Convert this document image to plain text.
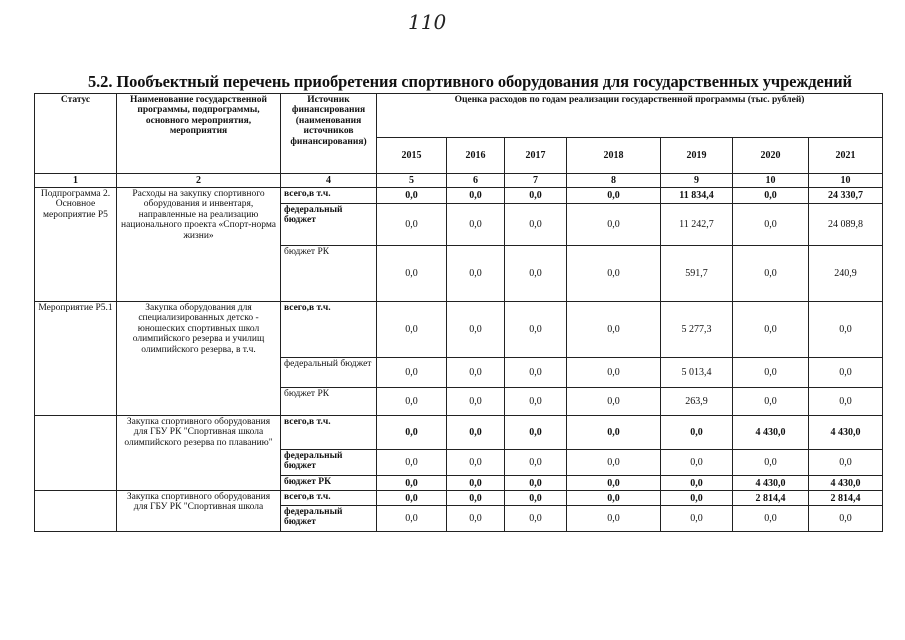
110
5.2. Пообъектный перечень приобретения спортивного оборудования для государственных учреждений
Статус	Наименование государственной программы, подпрограммы, основного мероприятия, мероприятия	Источник финансирования (наименования источников финансирования)	Оценка расходов по годам реализации государственной программы (тыс. рублей)						
			2015	2016	2017	2018	2019	2020	2021
1	2	4	5	6	7	8	9	10	10
Подпрограмма 2. Основное мероприятие Р5	Расходы на закупку спортивного оборудования и инвентаря, направленные на реализацию национального проекта «Спорт-норма жизни»	всего,в т.ч.	0,0	0,0	0,0	0,0	11 834,4	0,0	24 330,7
		федеральный бюджет	0,0	0,0	0,0	0,0	11 242,7	0,0	24 089,8
		бюджет РК	0,0	0,0	0,0	0,0	591,7	0,0	240,9
Мероприятие Р5.1	Закупка оборудования для специализированных детско - юношеских спортивных школ олимпийского резерва и училищ олимпийского резерва, в т.ч.	всего,в т.ч.	0,0	0,0	0,0	0,0	5 277,3	0,0	0,0
		федеральный бюджет	0,0	0,0	0,0	0,0	5 013,4	0,0	0,0
		бюджет РК	0,0	0,0	0,0	0,0	263,9	0,0	0,0
	Закупка спортивного оборудования для ГБУ РК "Спортивная школа олимпийского резерва по плаванию"	всего,в т.ч.	0,0	0,0	0,0	0,0	0,0	4 430,0	4 430,0
		федеральный бюджет	0,0	0,0	0,0	0,0	0,0	0,0	0,0
		бюджет РК	0,0	0,0	0,0	0,0	0,0	4 430,0	4 430,0
	Закупка спортивного оборудования для ГБУ РК "Спортивная школа	всего,в т.ч.	0,0	0,0	0,0	0,0	0,0	2 814,4	2 814,4
		федеральный бюджет	0,0	0,0	0,0	0,0	0,0	0,0	0,0
